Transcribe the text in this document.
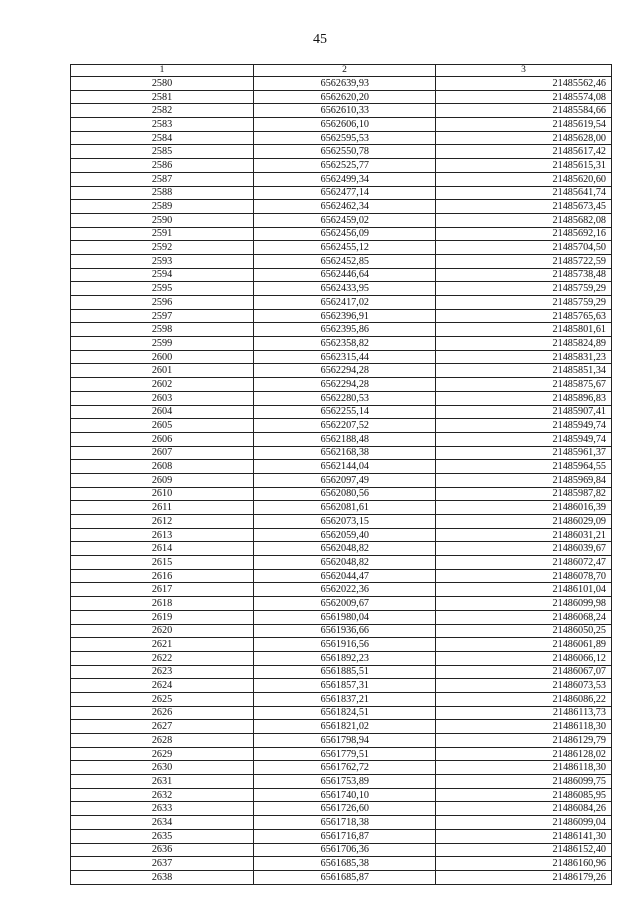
45
1	2	3
2580	6562639,93	21485562,46
2581	6562620,20	21485574,08
2582	6562610,33	21485584,66
2583	6562606,10	21485619,54
2584	6562595,53	21485628,00
2585	6562550,78	21485617,42
2586	6562525,77	21485615,31
2587	6562499,34	21485620,60
2588	6562477,14	21485641,74
2589	6562462,34	21485673,45
2590	6562459,02	21485682,08
2591	6562456,09	21485692,16
2592	6562455,12	21485704,50
2593	6562452,85	21485722,59
2594	6562446,64	21485738,48
2595	6562433,95	21485759,29
2596	6562417,02	21485759,29
2597	6562396,91	21485765,63
2598	6562395,86	21485801,61
2599	6562358,82	21485824,89
2600	6562315,44	21485831,23
2601	6562294,28	21485851,34
2602	6562294,28	21485875,67
2603	6562280,53	21485896,83
2604	6562255,14	21485907,41
2605	6562207,52	21485949,74
2606	6562188,48	21485949,74
2607	6562168,38	21485961,37
2608	6562144,04	21485964,55
2609	6562097,49	21485969,84
2610	6562080,56	21485987,82
2611	6562081,61	21486016,39
2612	6562073,15	21486029,09
2613	6562059,40	21486031,21
2614	6562048,82	21486039,67
2615	6562048,82	21486072,47
2616	6562044,47	21486078,70
2617	6562022,36	21486101,04
2618	6562009,67	21486099,98
2619	6561980,04	21486068,24
2620	6561936,66	21486050,25
2621	6561916,56	21486061,89
2622	6561892,23	21486066,12
2623	6561885,51	21486067,07
2624	6561857,31	21486073,53
2625	6561837,21	21486086,22
2626	6561824,51	21486113,73
2627	6561821,02	21486118,30
2628	6561798,94	21486129,79
2629	6561779,51	21486128,02
2630	6561762,72	21486118,30
2631	6561753,89	21486099,75
2632	6561740,10	21486085,95
2633	6561726,60	21486084,26
2634	6561718,38	21486099,04
2635	6561716,87	21486141,30
2636	6561706,36	21486152,40
2637	6561685,38	21486160,96
2638	6561685,87	21486179,26
